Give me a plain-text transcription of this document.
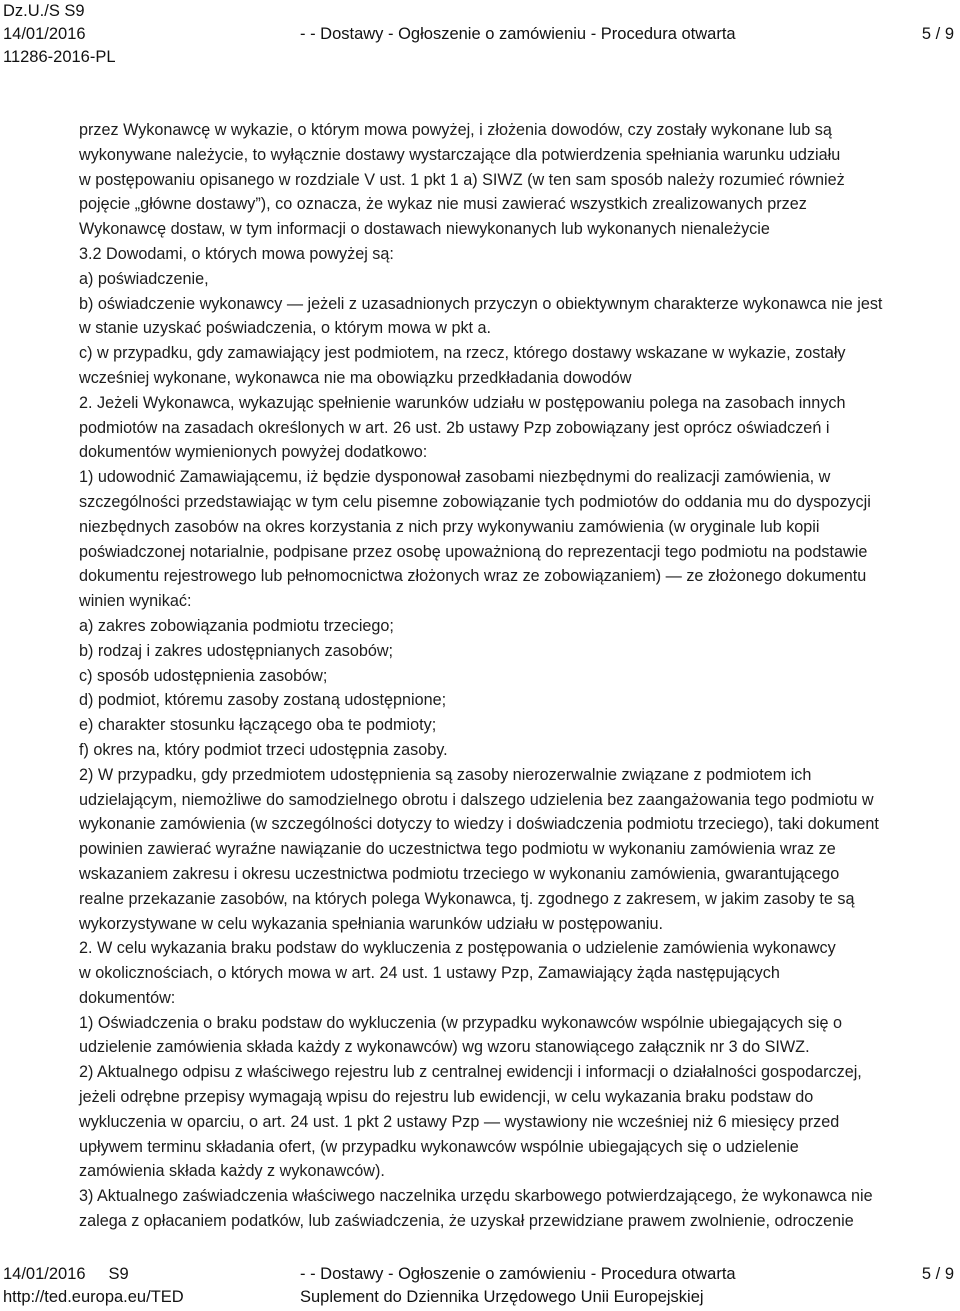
Dz.U./S S9
14/01/2016	- - Dostawy - Ogłoszenie o zamówieniu - Procedura otwarta	5 / 9
11286-2016-PL
przez Wykonawcę w wykazie, o którym mowa powyżej, i złożenia dowodów, czy zostały wykonane lub są
wykonywane należycie, to wyłącznie dostawy wystarczające dla potwierdzenia spełniania warunku udziału
w postępowaniu opisanego w rozdziale V ust. 1 pkt 1 a) SIWZ (w ten sam sposób należy rozumieć również
pojęcie „główne dostawy”), co oznacza, że wykaz nie musi zawierać wszystkich zrealizowanych przez
Wykonawcę dostaw, w tym informacji o dostawach niewykonanych lub wykonanych nienależycie
3.2 Dowodami, o których mowa powyżej są:
a) poświadczenie,
b) oświadczenie wykonawcy — jeżeli z uzasadnionych przyczyn o obiektywnym charakterze wykonawca nie jest
w stanie uzyskać poświadczenia, o którym mowa w pkt a.
c) w przypadku, gdy zamawiający jest podmiotem, na rzecz, którego dostawy wskazane w wykazie, zostały
wcześniej wykonane, wykonawca nie ma obowiązku przedkładania dowodów
2. Jeżeli Wykonawca, wykazując spełnienie warunków udziału w postępowaniu polega na zasobach innych
podmiotów na zasadach określonych w art. 26 ust. 2b ustawy Pzp zobowiązany jest oprócz oświadczeń i
dokumentów wymienionych powyżej dodatkowo:
1) udowodnić Zamawiającemu, iż będzie dysponował zasobami niezbędnymi do realizacji zamówienia, w
szczególności przedstawiając w tym celu pisemne zobowiązanie tych podmiotów do oddania mu do dyspozycji
niezbędnych zasobów na okres korzystania z nich przy wykonywaniu zamówienia (w oryginale lub kopii
poświadczonej notarialnie, podpisane przez osobę upoważnioną do reprezentacji tego podmiotu na podstawie
dokumentu rejestrowego lub pełnomocnictwa złożonych wraz ze zobowiązaniem) — ze złożonego dokumentu
winien wynikać:
a) zakres zobowiązania podmiotu trzeciego;
b) rodzaj i zakres udostępnianych zasobów;
c) sposób udostępnienia zasobów;
d) podmiot, któremu zasoby zostaną udostępnione;
e) charakter stosunku łączącego oba te podmioty;
f) okres na, który podmiot trzeci udostępnia zasoby.
2) W przypadku, gdy przedmiotem udostępnienia są zasoby nierozerwalnie związane z podmiotem ich
udzielającym, niemożliwe do samodzielnego obrotu i dalszego udzielenia bez zaangażowania tego podmiotu w
wykonanie zamówienia (w szczególności dotyczy to wiedzy i doświadczenia podmiotu trzeciego), taki dokument
powinien zawierać wyraźne nawiązanie do uczestnictwa tego podmiotu w wykonaniu zamówienia wraz ze
wskazaniem zakresu i okresu uczestnictwa podmiotu trzeciego w wykonaniu zamówienia, gwarantującego
realne przekazanie zasobów, na których polega Wykonawca, tj. zgodnego z zakresem, w jakim zasoby te są
wykorzystywane w celu wykazania spełniania warunków udziału w postępowaniu.
2. W celu wykazania braku podstaw do wykluczenia z postępowania o udzielenie zamówienia wykonawcy
w okolicznościach, o których mowa w art. 24 ust. 1 ustawy Pzp, Zamawiający żąda następujących
dokumentów:
1) Oświadczenia o braku podstaw do wykluczenia (w przypadku wykonawców wspólnie ubiegających się o
udzielenie zamówienia składa każdy z wykonawców) wg wzoru stanowiącego załącznik nr 3 do SIWZ.
2) Aktualnego odpisu z właściwego rejestru lub z centralnej ewidencji i informacji o działalności gospodarczej,
jeżeli odrębne przepisy wymagają wpisu do rejestru lub ewidencji, w celu wykazania braku podstaw do
wykluczenia w oparciu, o art. 24 ust. 1 pkt 2 ustawy Pzp — wystawiony nie wcześniej niż 6 miesięcy przed
upływem terminu składania ofert, (w przypadku wykonawców wspólnie ubiegających się o udzielenie
zamówienia składa każdy z wykonawców).
3) Aktualnego zaświadczenia właściwego naczelnika urzędu skarbowego potwierdzającego, że wykonawca nie
zalega z opłacaniem podatków, lub zaświadczenia, że uzyskał przewidziane prawem zwolnienie, odroczenie
14/01/2016     S9	- - Dostawy - Ogłoszenie o zamówieniu - Procedura otwarta	5 / 9
http://ted.europa.eu/TED	Suplement do Dziennika Urzędowego Unii Europejskiej
